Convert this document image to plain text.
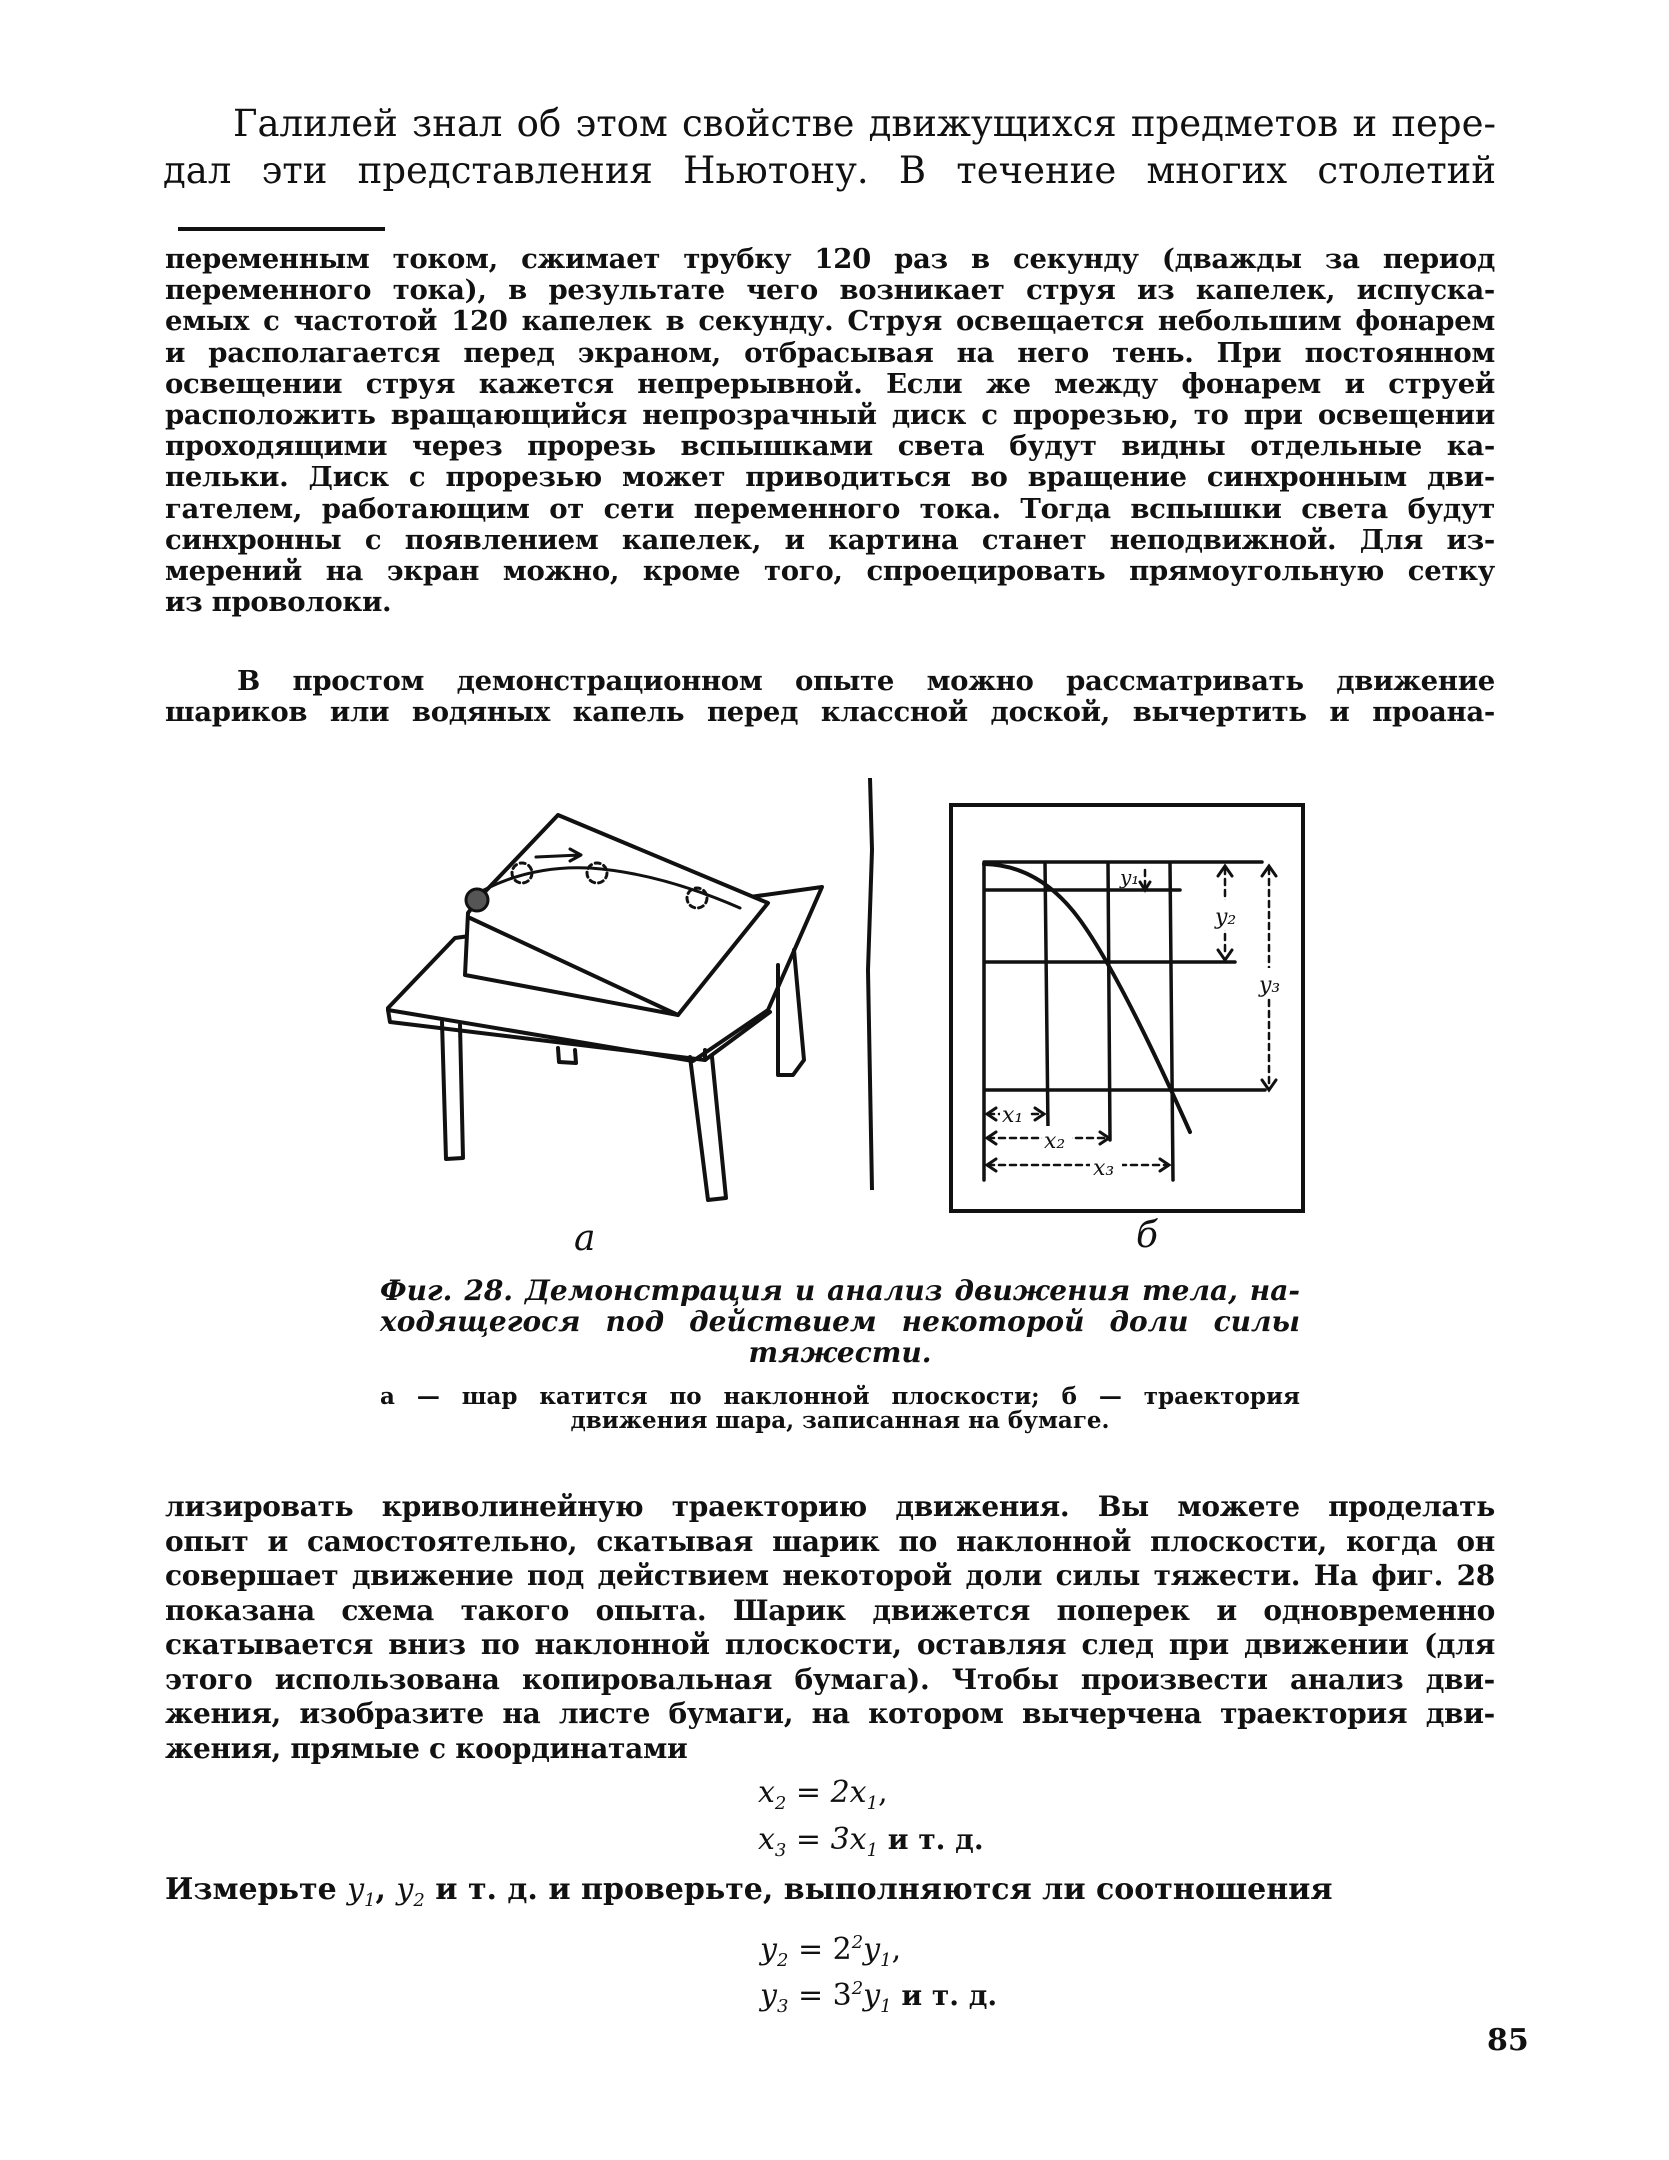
Галилей знал об этом свойстве движущихся предметов и пере-
дал эти представления Ньютону. В течение многих столетий
переменным током, сжимает трубку 120 раз в секунду (дважды за период
переменного тока), в результате чего возникает струя из капелек, испуска-
емых с частотой 120 капелек в секунду. Струя освещается небольшим фонарем
и располагается перед экраном, отбрасывая на него тень. При постоянном
освещении струя кажется непрерывной. Если же между фонарем и струей
расположить вращающийся непрозрачный диск с прорезью, то при освещении
проходящими через прорезь вспышками света будут видны отдельные ка-
пельки. Диск с прорезью может приводиться во вращение синхронным дви-
гателем, работающим от сети переменного тока. Тогда вспышки света будут
синхронны с появлением капелек, и картина станет неподвижной. Для из-
мерений на экран можно, кроме того, спроецировать прямоугольную сетку
из проволоки.
В простом демонстрационном опыте можно рассматривать движение
шариков или водяных капель перед классной доской, вычертить и проана-
x₁
x₂
x₃
y₁
y₂
y₃
а	б
Фиг. 28. Демонстрация и анализ движения тела, на-
ходящегося под действием некоторой доли силы
тяжести.
а — шар катится по наклонной плоскости; б — траектория
движения шара, записанная на бумаге.
лизировать криволинейную траекторию движения. Вы можете проделать
опыт и самостоятельно, скатывая шарик по наклонной плоскости, когда он
совершает движение под действием некоторой доли силы тяжести. На фиг. 28
показана схема такого опыта. Шарик движется поперек и одновременно
скатывается вниз по наклонной плоскости, оставляя след при движении (для
этого использована копировальная бумага). Чтобы произвести анализ дви-
жения, изобразите на листе бумаги, на котором вычерчена траектория дви-
жения, прямые с координатами
$x_2 = 2x_1$,
$x_3 = 3x_1$ и т. д.
Измерьте $y_1$, $y_2$ и т. д. и проверьте, выполняются ли соотношения
$y_2 = 2^2y_1$,
$y_3 = 3^2y_1$ и т. д.
85
